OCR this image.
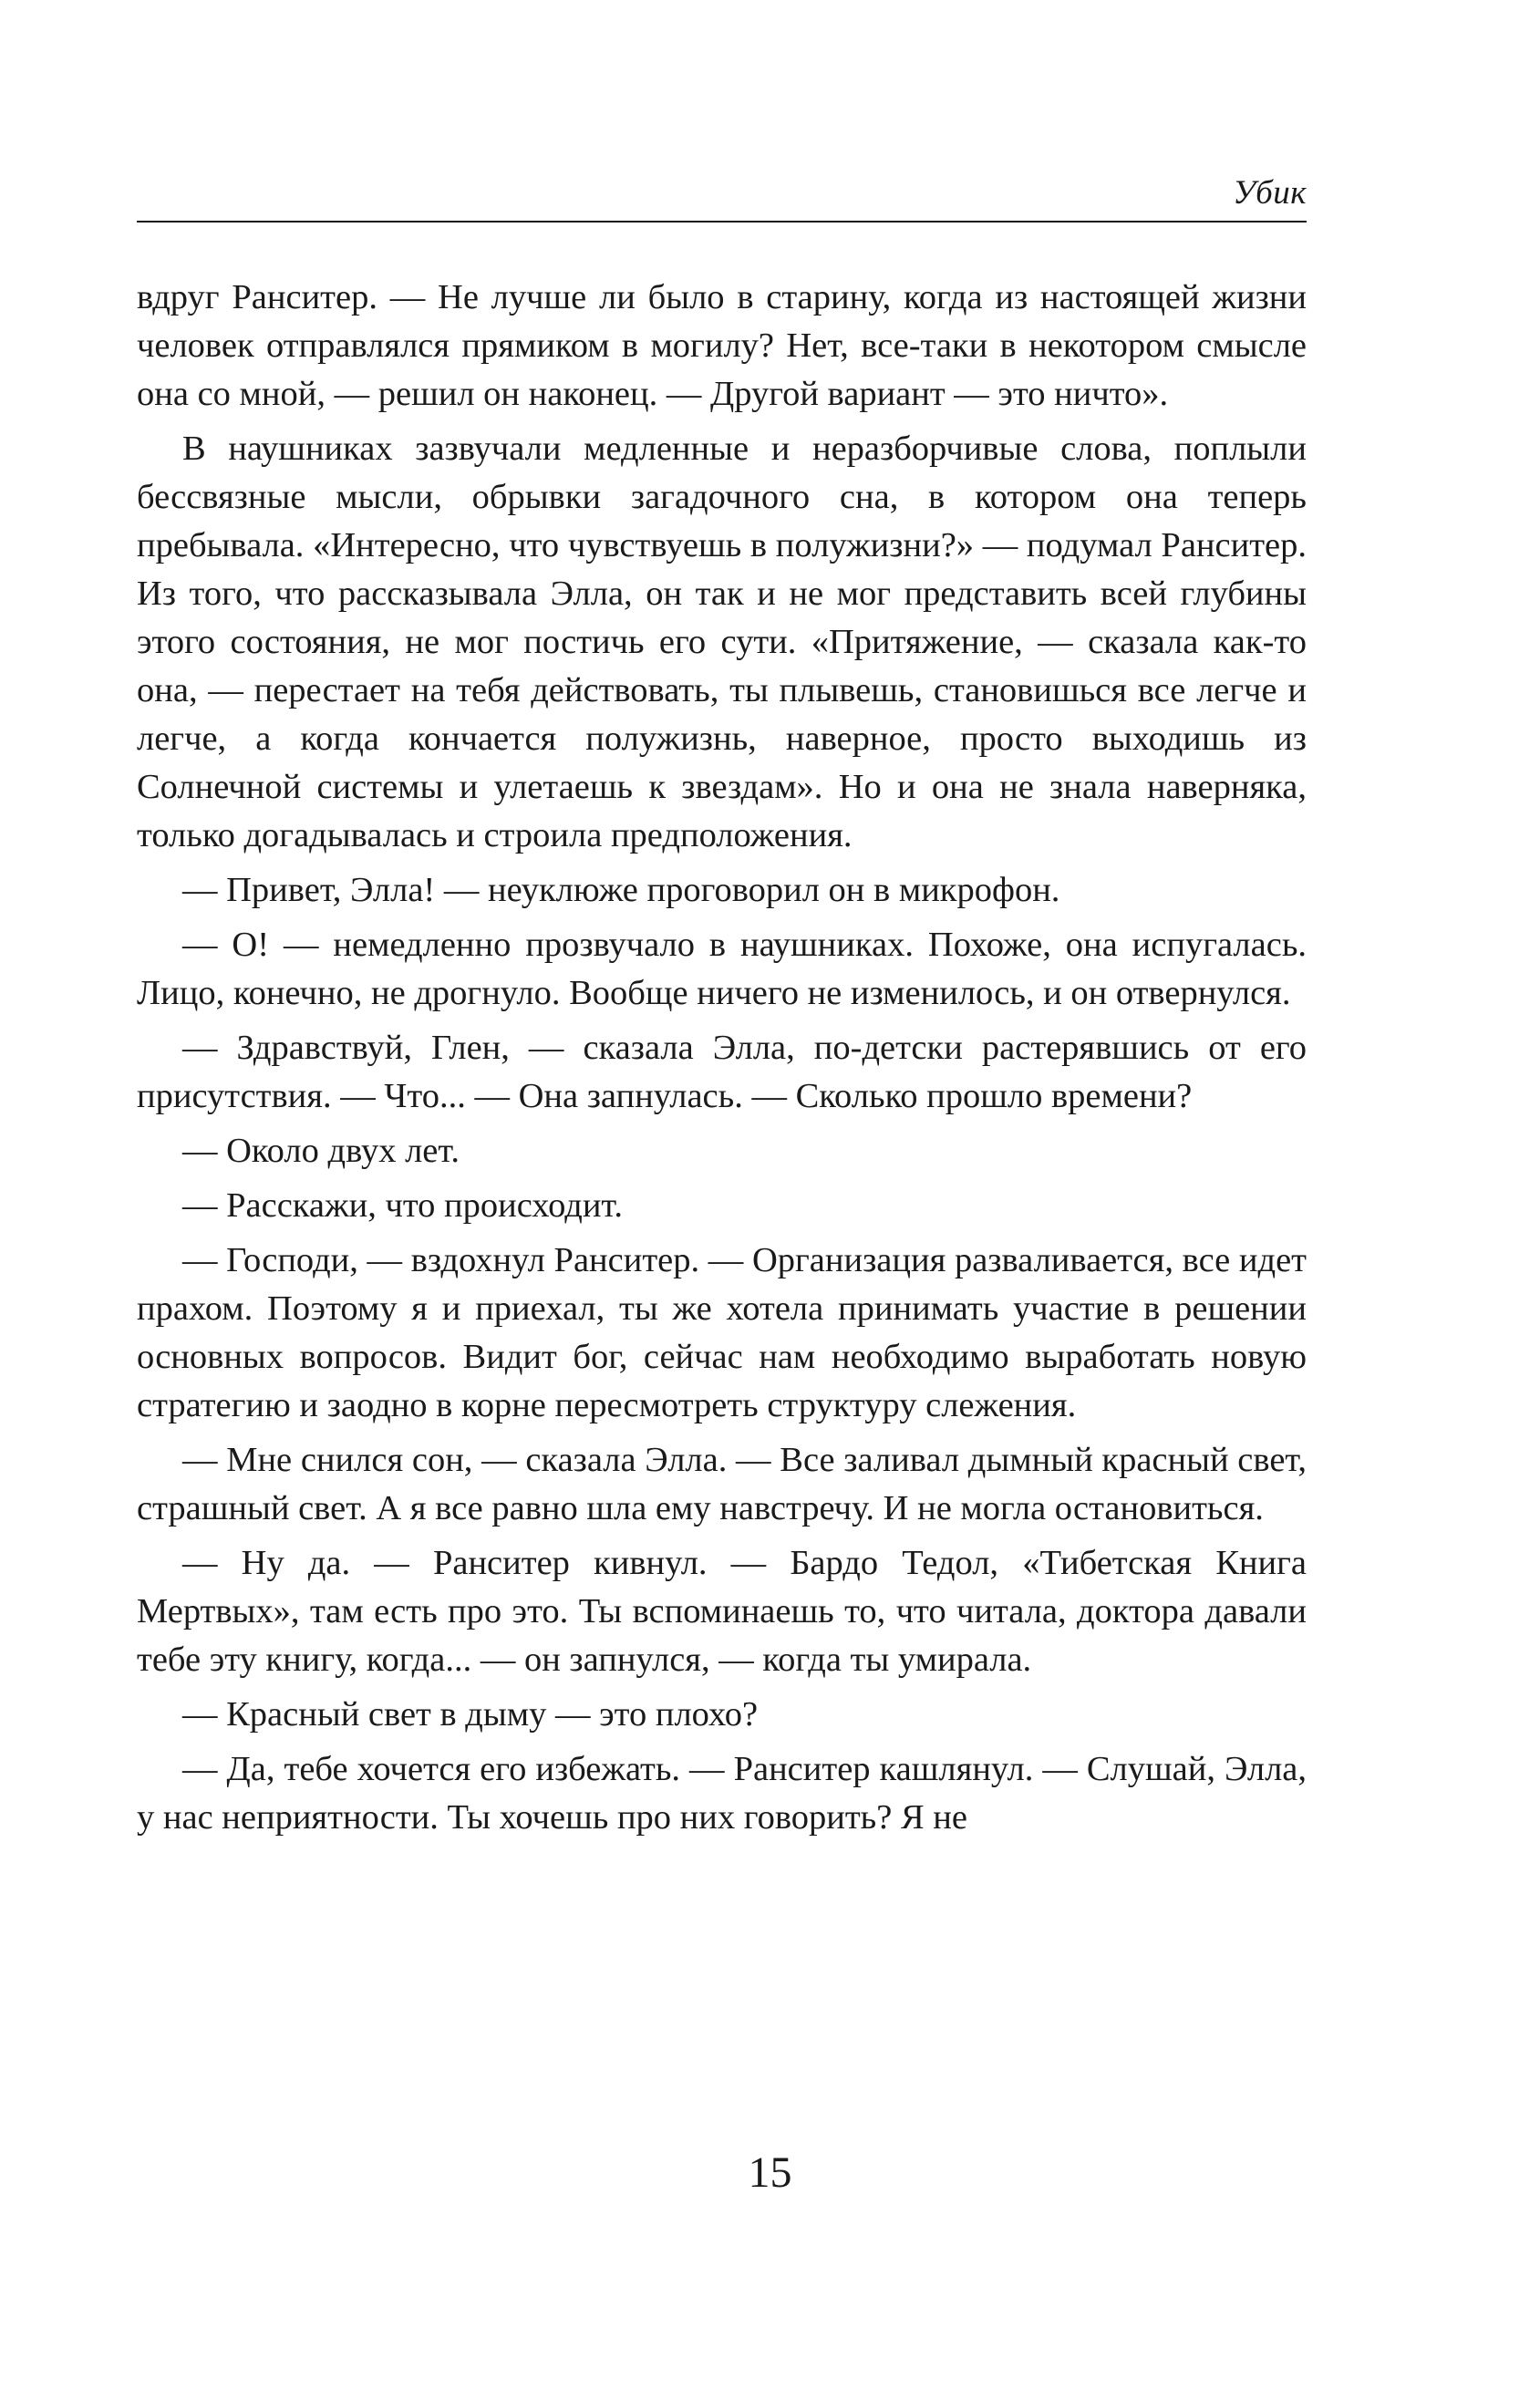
Убик

вдруг Ранситер. — Не лучше ли было в старину, когда из настоящей жизни человек отправлялся прямиком в могилу? Нет, все-таки в некотором смысле она со мной, — решил он наконец. — Другой вариант — это ничто».

В наушниках зазвучали медленные и неразборчивые слова, поплыли бессвязные мысли, обрывки загадочного сна, в котором она теперь пребывала. «Интересно, что чувствуешь в полужизни?» — подумал Ранситер. Из того, что рассказывала Элла, он так и не мог представить всей глубины этого состояния, не мог постичь его сути. «Притяжение, — сказала как-то она, — перестает на тебя действовать, ты плывешь, становишься все легче и легче, а когда кончается полужизнь, наверное, просто выходишь из Солнечной системы и улетаешь к звездам». Но и она не знала наверняка, только догадывалась и строила предположения.

— Привет, Элла! — неуклюже проговорил он в микрофон.

— О! — немедленно прозвучало в наушниках. Похоже, она испугалась. Лицо, конечно, не дрогнуло. Вообще ничего не изменилось, и он отвернулся.

— Здравствуй, Глен, — сказала Элла, по-детски растерявшись от его присутствия. — Что... — Она запнулась. — Сколько прошло времени?

— Около двух лет.

— Расскажи, что происходит.

— Господи, — вздохнул Ранситер. — Организация разваливается, все идет прахом. Поэтому я и приехал, ты же хотела принимать участие в решении основных вопросов. Видит бог, сейчас нам необходимо выработать новую стратегию и заодно в корне пересмотреть структуру слежения.

— Мне снился сон, — сказала Элла. — Все заливал дымный красный свет, страшный свет. А я все равно шла ему навстречу. И не могла остановиться.

— Ну да. — Ранситер кивнул. — Бардо Тедол, «Тибетская Книга Мертвых», там есть про это. Ты вспоминаешь то, что читала, доктора давали тебе эту книгу, когда... — он запнулся, — когда ты умирала.

— Красный свет в дыму — это плохо?

— Да, тебе хочется его избежать. — Ранситер кашлянул. — Слушай, Элла, у нас неприятности. Ты хочешь про них говорить? Я не

15
